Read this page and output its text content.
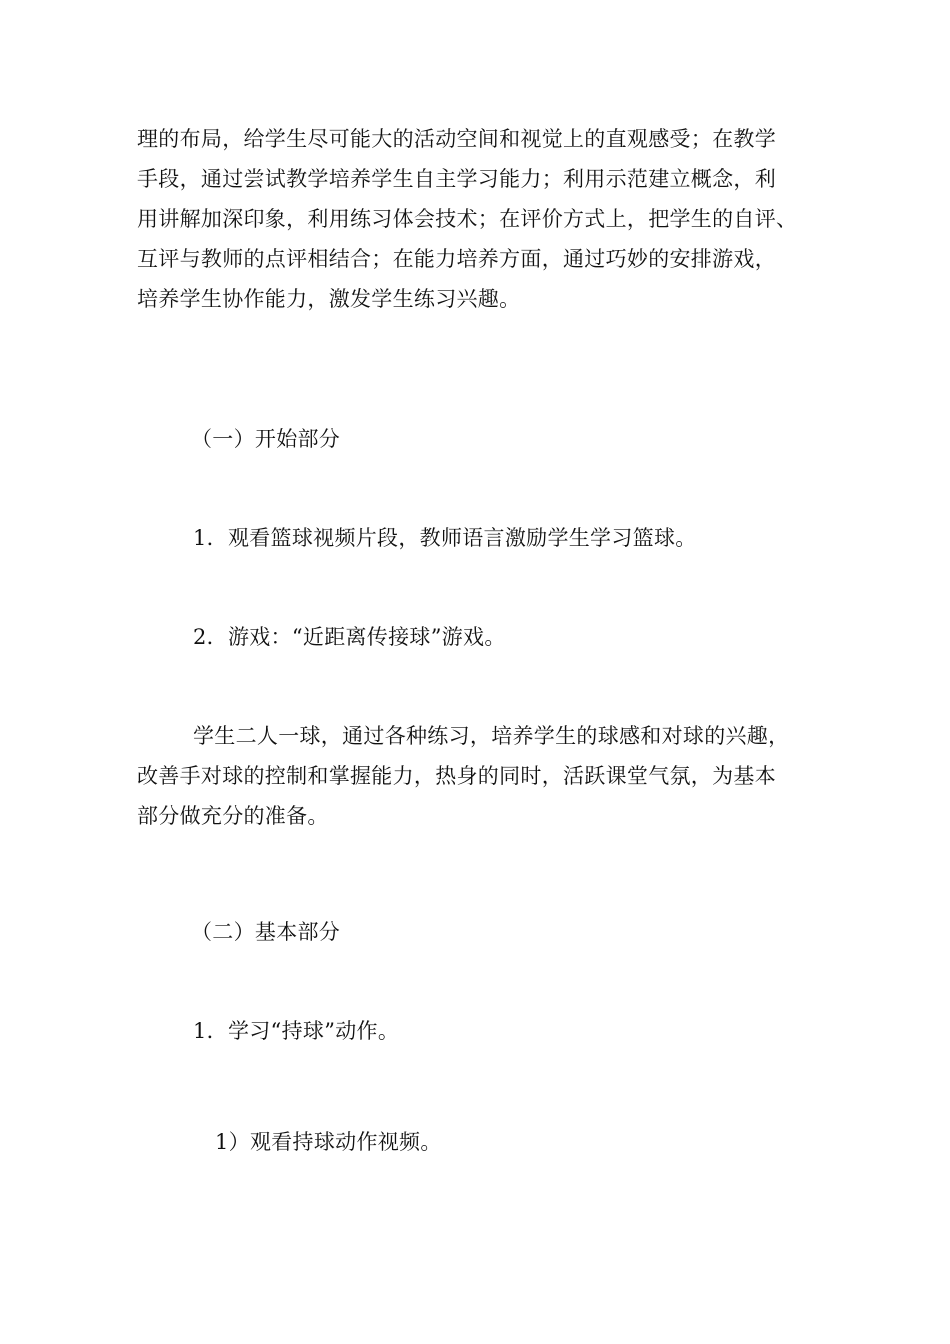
理的布局，给学生尽可能大的活动空间和视觉上的直观感受；在教学
手段，通过尝试教学培养学生自主学习能力；利用示范建立概念，利
用讲解加深印象，利用练习体会技术；在评价方式上，把学生的自评、
互评与教师的点评相结合；在能力培养方面，通过巧妙的安排游戏，
培养学生协作能力，激发学生练习兴趣。
（一）开始部分
1．观看篮球视频片段，教师语言激励学生学习篮球。
2．游戏：“近距离传接球”游戏。
学生二人一球，通过各种练习，培养学生的球感和对球的兴趣，
改善手对球的控制和掌握能力，热身的同时，活跃课堂气氛，为基本
部分做充分的准备。
（二）基本部分
1．学习“持球”动作。
1）观看持球动作视频。
